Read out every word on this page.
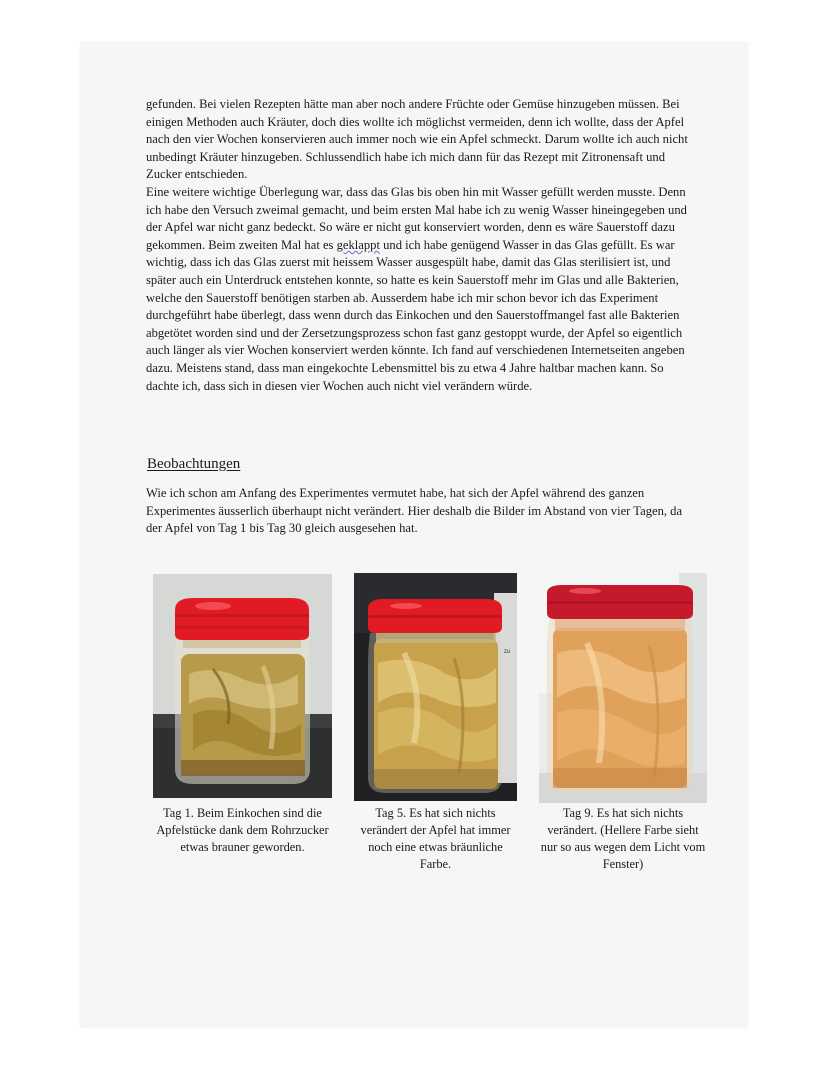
gefunden. Bei vielen Rezepten hätte man aber noch andere Früchte oder Gemüse hinzugeben müssen. Bei einigen Methoden auch Kräuter, doch dies wollte ich möglichst vermeiden, denn ich wollte, dass der Apfel nach den vier Wochen konservieren auch immer noch wie ein Apfel schmeckt. Darum wollte ich auch nicht unbedingt Kräuter hinzugeben. Schlussendlich habe ich mich dann für das Rezept mit Zitronensaft und Zucker entschieden.

Eine weitere wichtige Überlegung war, dass das Glas bis oben hin mit Wasser gefüllt werden musste. Denn ich habe den Versuch zweimal gemacht, und beim ersten Mal habe ich zu wenig Wasser hineingegeben und der Apfel war nicht ganz bedeckt. So wäre er nicht gut konserviert worden, denn es wäre Sauerstoff dazu gekommen. Beim zweiten Mal hat es geklappt und ich habe genügend Wasser in das Glas gefüllt. Es war wichtig, dass ich das Glas zuerst mit heissem Wasser ausgespült habe, damit das Glas sterilisiert ist, und später auch ein Unterdruck entstehen konnte, so hatte es kein Sauerstoff mehr im Glas und alle Bakterien, welche den Sauerstoff benötigen starben ab. Ausserdem habe ich mir schon bevor ich das Experiment durchgeführt habe überlegt, dass wenn durch das Einkochen und den Sauerstoffmangel fast alle Bakterien abgetötet worden sind und der Zersetzungsprozess schon fast ganz gestoppt wurde, der Apfel so eigentlich auch länger als vier Wochen konserviert werden könnte. Ich fand auf verschiedenen Internetseiten angeben dazu. Meistens stand, dass man eingekochte Lebensmittel bis zu etwa 4 Jahre haltbar machen kann. So dachte ich, dass sich in diesen vier Wochen auch nicht viel verändern würde.

Beobachtungen

Wie ich schon am Anfang des Experimentes vermutet habe, hat sich der Apfel während des ganzen Experimentes äusserlich überhaupt nicht verändert. Hier deshalb die Bilder im Abstand von vier Tagen, da der Apfel von Tag 1 bis Tag 30 gleich ausgesehen hat.

Tag 1. Beim Einkochen sind die Apfelstücke dank dem Rohrzucker etwas brauner geworden.
zu
Tag 5. Es hat sich nichts verändert der Apfel hat immer noch eine etwas bräunliche Farbe.
Tag 9. Es hat sich nichts verändert. (Hellere Farbe sieht nur so aus wegen dem Licht vom Fenster)
